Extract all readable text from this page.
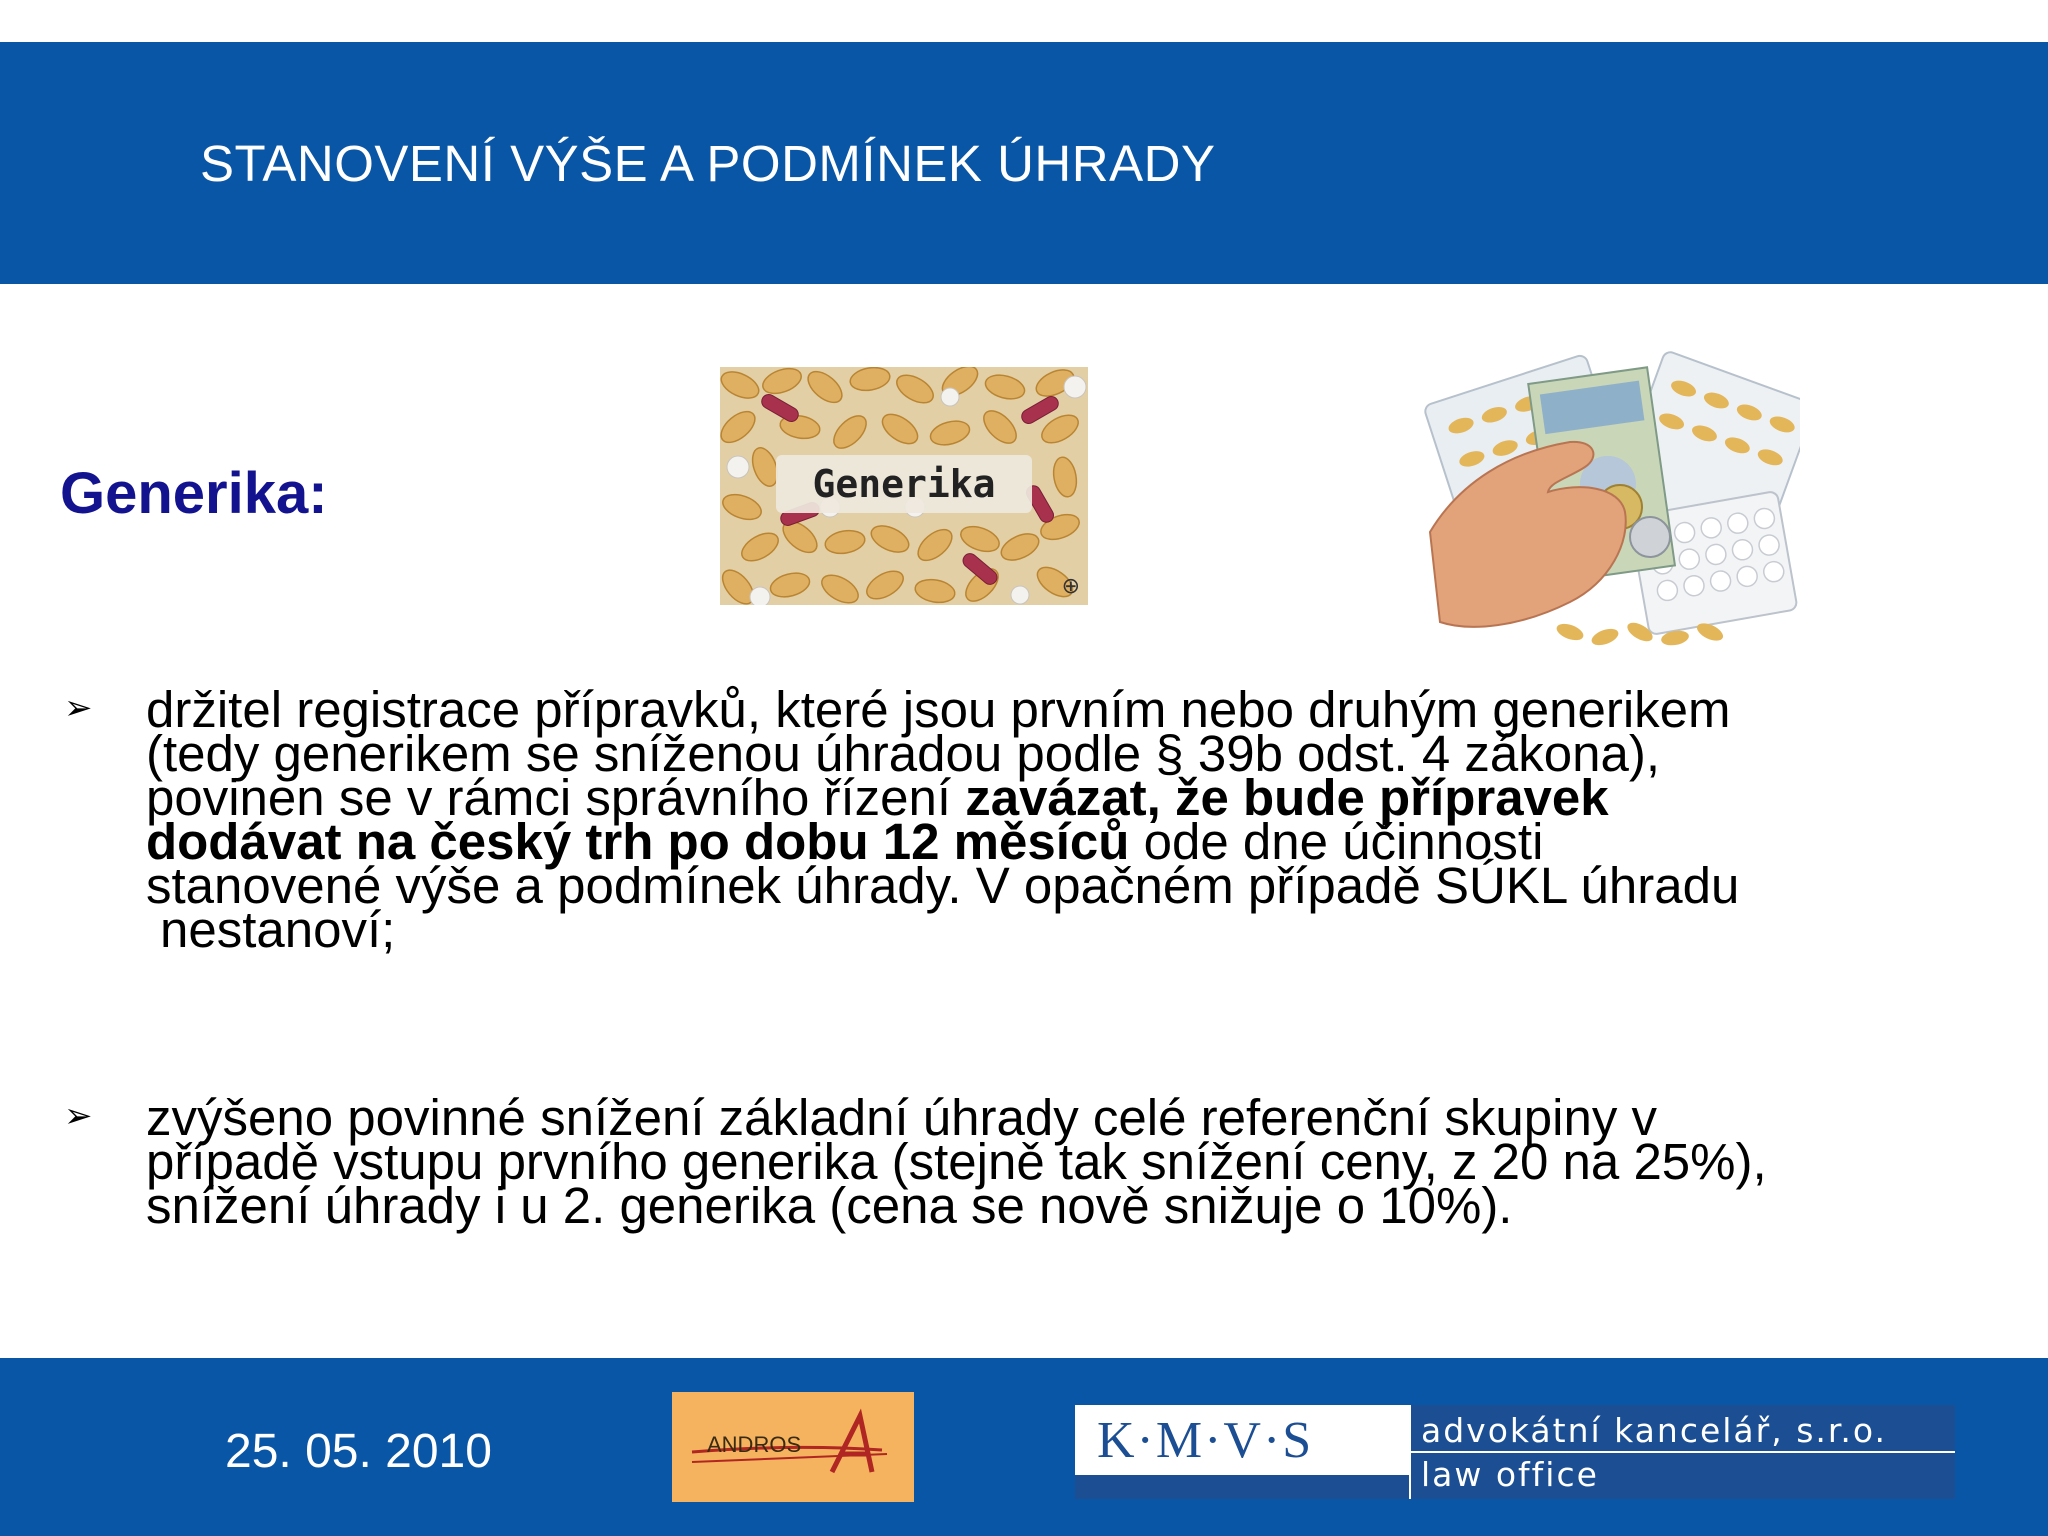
STANOVENÍ VÝŠE A PODMÍNEK ÚHRADY
Generika:	Generika
⊕
➢ držitel registrace přípravků, které jsou prvním nebo druhým generikem
(tedy generikem se sníženou úhradou podle § 39b odst. 4 zákona),
povinen se v rámci správního řízení zavázat, že bude přípravek
dodávat na český trh po dobu 12 měsíců ode dne účinnosti
stanovené výše a podmínek úhrady. V opačném případě SÚKL úhradu

nestanoví;
➢ zvýšeno povinné snížení základní úhrady celé referenční skupiny v
případě vstupu prvního generika (stejně tak snížení ceny, z 20 na 25%),
snížení úhrady i u 2. generika (cena se nově snižuje o 10%).
25. 05. 2010	ANDROS	K·M·V·S	advokátní kancelář, s.r.o.
law office
